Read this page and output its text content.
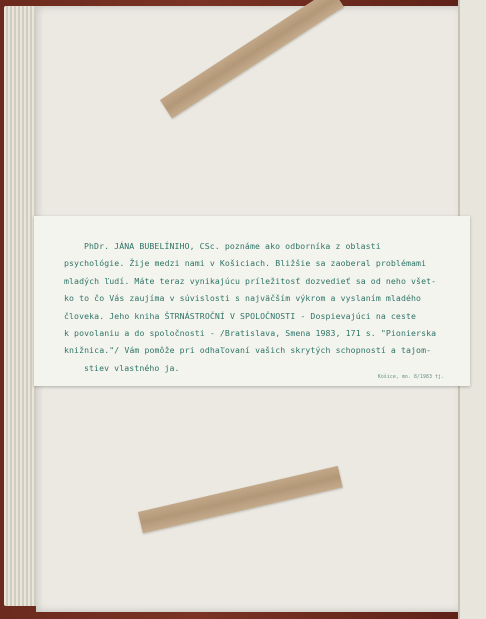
PhDr. JÁNA BUBELÍNIHO, CSc. poznáme ako odborníka z oblasti
psychológie. Žije medzi nami v Košiciach. Bližšie sa zaoberal problémami
mladých ľudí. Máte teraz vynikajúcu príležitosť dozvedieť sa od neho všet-
ko to čo Vás zaujíma v súvislosti s najväčším výkrom a vyslaním mladého
človeka. Jeho kniha ŠTRNÁSTROČNÍ V SPOLOČNOSTI - Dospievajúci na ceste
k povolaniu a do spoločnosti - /Bratislava, Smena 1983, 171 s. "Pionierska
knižnica."/ Vám pomôže pri odhaľovaní vašich skrytých schopností a tajom-
stiev vlastného ja.
Košice, mo. 8/1983 tj.
